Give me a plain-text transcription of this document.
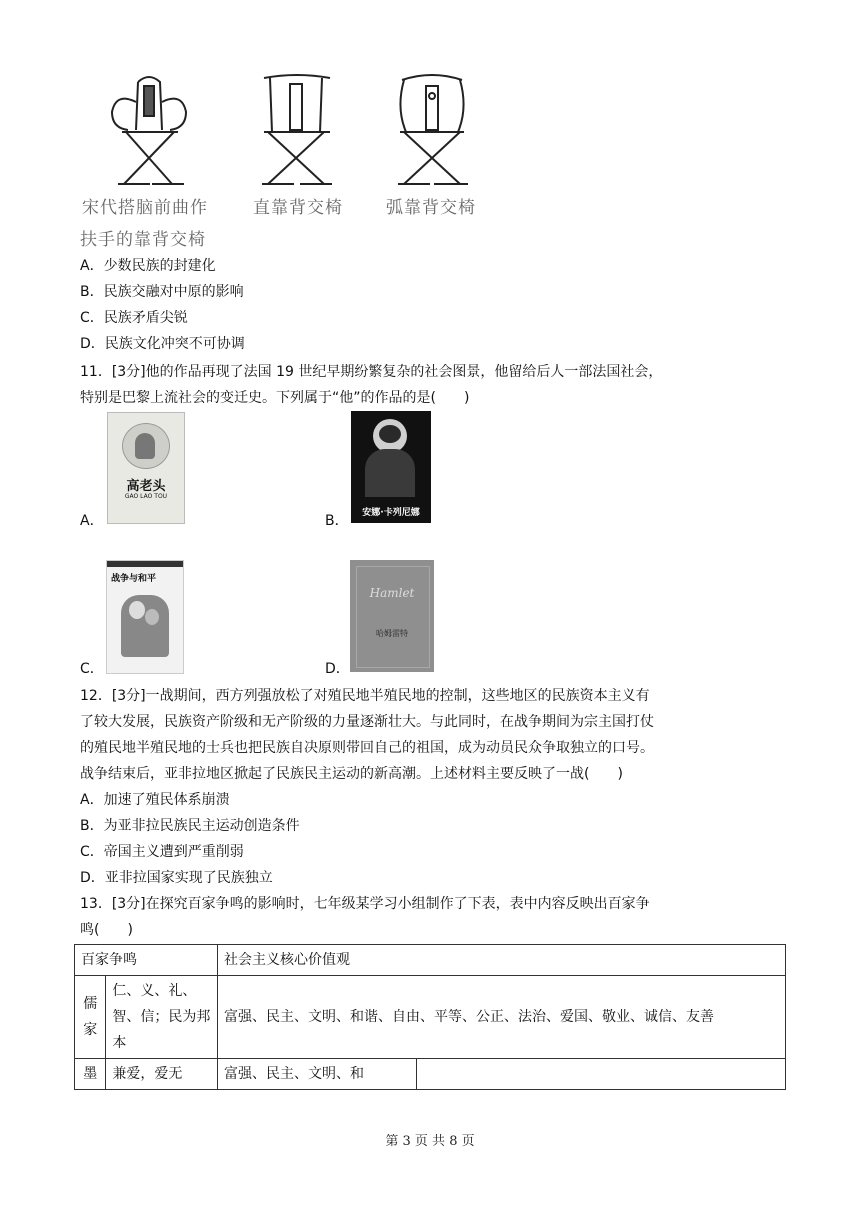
宋代搭脑前曲作	直靠背交椅	弧靠背交椅
扶手的靠背交椅
A．少数民族的封建化
B．民族交融对中原的影响
C．民族矛盾尖锐
D．民族文化冲突不可协调
11．[3分]他的作品再现了法国 19 世纪早期纷繁复杂的社会图景，他留给后人一部法国社会，
特别是巴黎上流社会的变迁史。下列属于“他”的作品的是(　　)
A．
高老头
GAO LAO TOU
B．	安娜·卡列尼娜
C．
战争与和平
D．
Hamlet
哈姆雷特
12．[3分]一战期间，西方列强放松了对殖民地半殖民地的控制，这些地区的民族资本主义有
了较大发展，民族资产阶级和无产阶级的力量逐渐壮大。与此同时，在战争期间为宗主国打仗
的殖民地半殖民地的士兵也把民族自决原则带回自己的祖国，成为动员民众争取独立的口号。
战争结束后，亚非拉地区掀起了民族民主运动的新高潮。上述材料主要反映了一战(　　)
A．加速了殖民体系崩溃
B．为亚非拉民族民主运动创造条件
C．帝国主义遭到严重削弱
D．亚非拉国家实现了民族独立
13．[3分]在探究百家争鸣的影响时，七年级某学习小组制作了下表，表中内容反映出百家争
鸣(　　)
百家争鸣		社会主义核心价值观	
儒家	仁、义、礼、智、信；民为邦本	富强、民主、文明、和谐、自由、平等、公正、法治、爱国、敬业、诚信、友善	
墨	兼爱，爱无	富强、民主、文明、和	
第 3 页 共 8 页
